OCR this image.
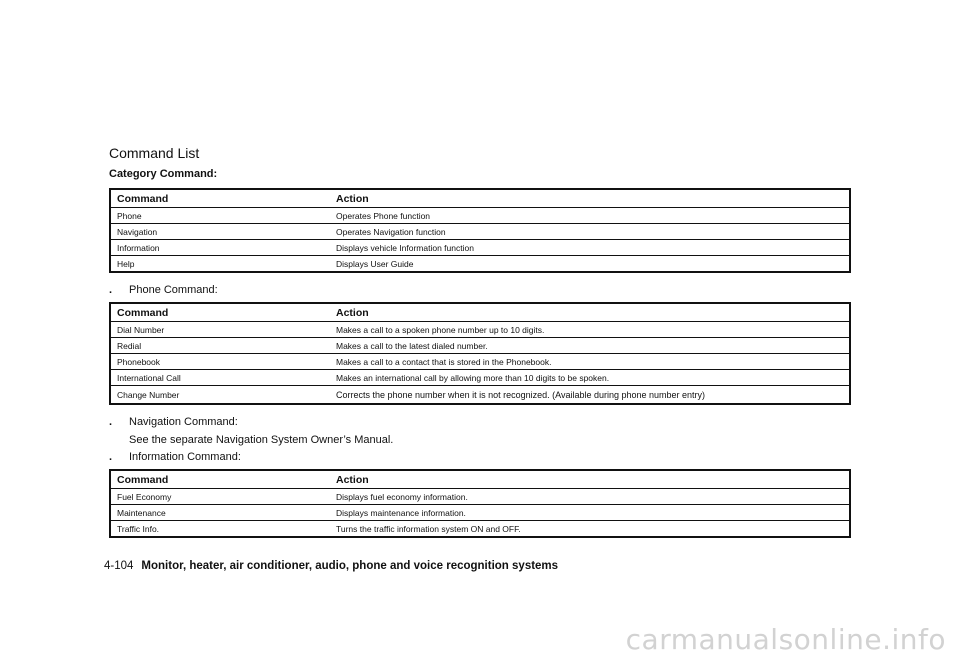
Command List
Category Command:
Command	Action
Phone	Operates Phone function
Navigation	Operates Navigation function
Information	Displays vehicle Information function
Help	Displays User Guide
. Phone Command:
Command	Action
Dial Number	Makes a call to a spoken phone number up to 10 digits.
Redial	Makes a call to the latest dialed number.
Phonebook	Makes a call to a contact that is stored in the Phonebook.
International Call	Makes an international call by allowing more than 10 digits to be spoken.
Change Number	Corrects the phone number when it is not recognized. (Available during phone number entry)
. Navigation Command:
See the separate Navigation System Owner’s Manual.
. Information Command:
Command	Action
Fuel Economy	Displays fuel economy information.
Maintenance	Displays maintenance information.
Traffic Info.	Turns the traffic information system ON and OFF.
4-104 Monitor, heater, air conditioner, audio, phone and voice recognition systems
carmanualsonline.info
